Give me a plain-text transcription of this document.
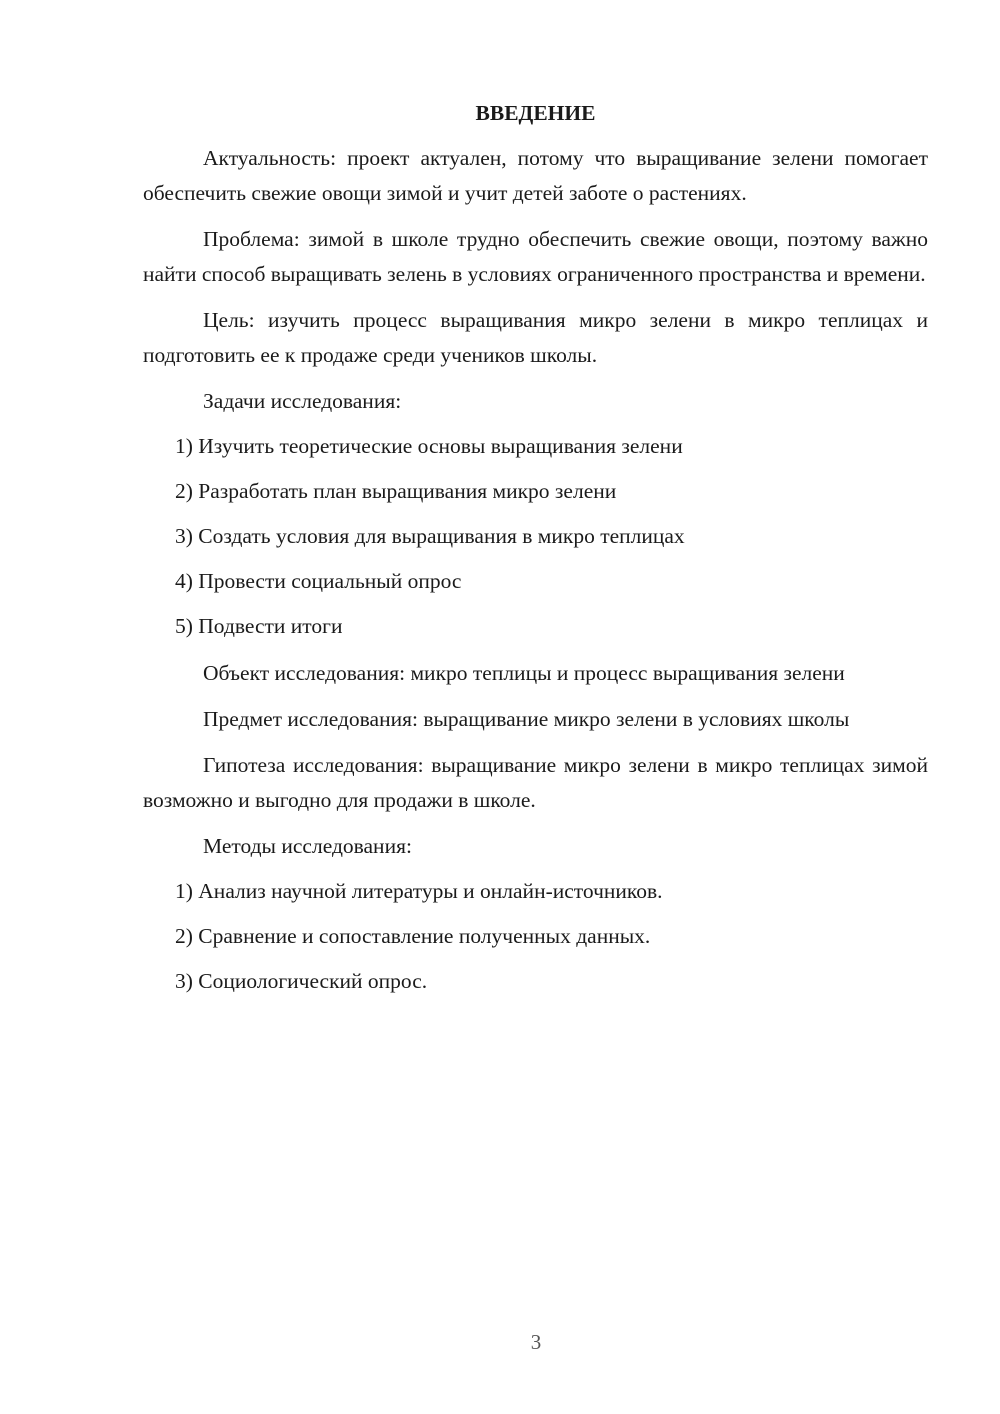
ВВЕДЕНИЕ

Актуальность: проект актуален, потому что выращивание зелени помогает обеспечить свежие овощи зимой и учит детей заботе о растениях.

Проблема: зимой в школе трудно обеспечить свежие овощи, поэтому важно найти способ выращивать зелень в условиях ограниченного пространства и времени.

Цель: изучить процесс выращивания микро зелени в микро теплицах и подготовить ее к продаже среди учеников школы.

Задачи исследования:

1) Изучить теоретические основы выращивания зелени
2) Разработать план выращивания микро зелени
3) Создать условия для выращивания в микро теплицах
4) Провести социальный опрос
5) Подвести итоги

Объект исследования: микро теплицы и процесс выращивания зелени

Предмет исследования: выращивание микро зелени в условиях школы

Гипотеза исследования: выращивание микро зелени в микро теплицах зимой возможно и выгодно для продажи в школе.

Методы исследования:

1) Анализ научной литературы и онлайн-источников.
2) Сравнение и сопоставление полученных данных.
3) Социологический опрос.
3
